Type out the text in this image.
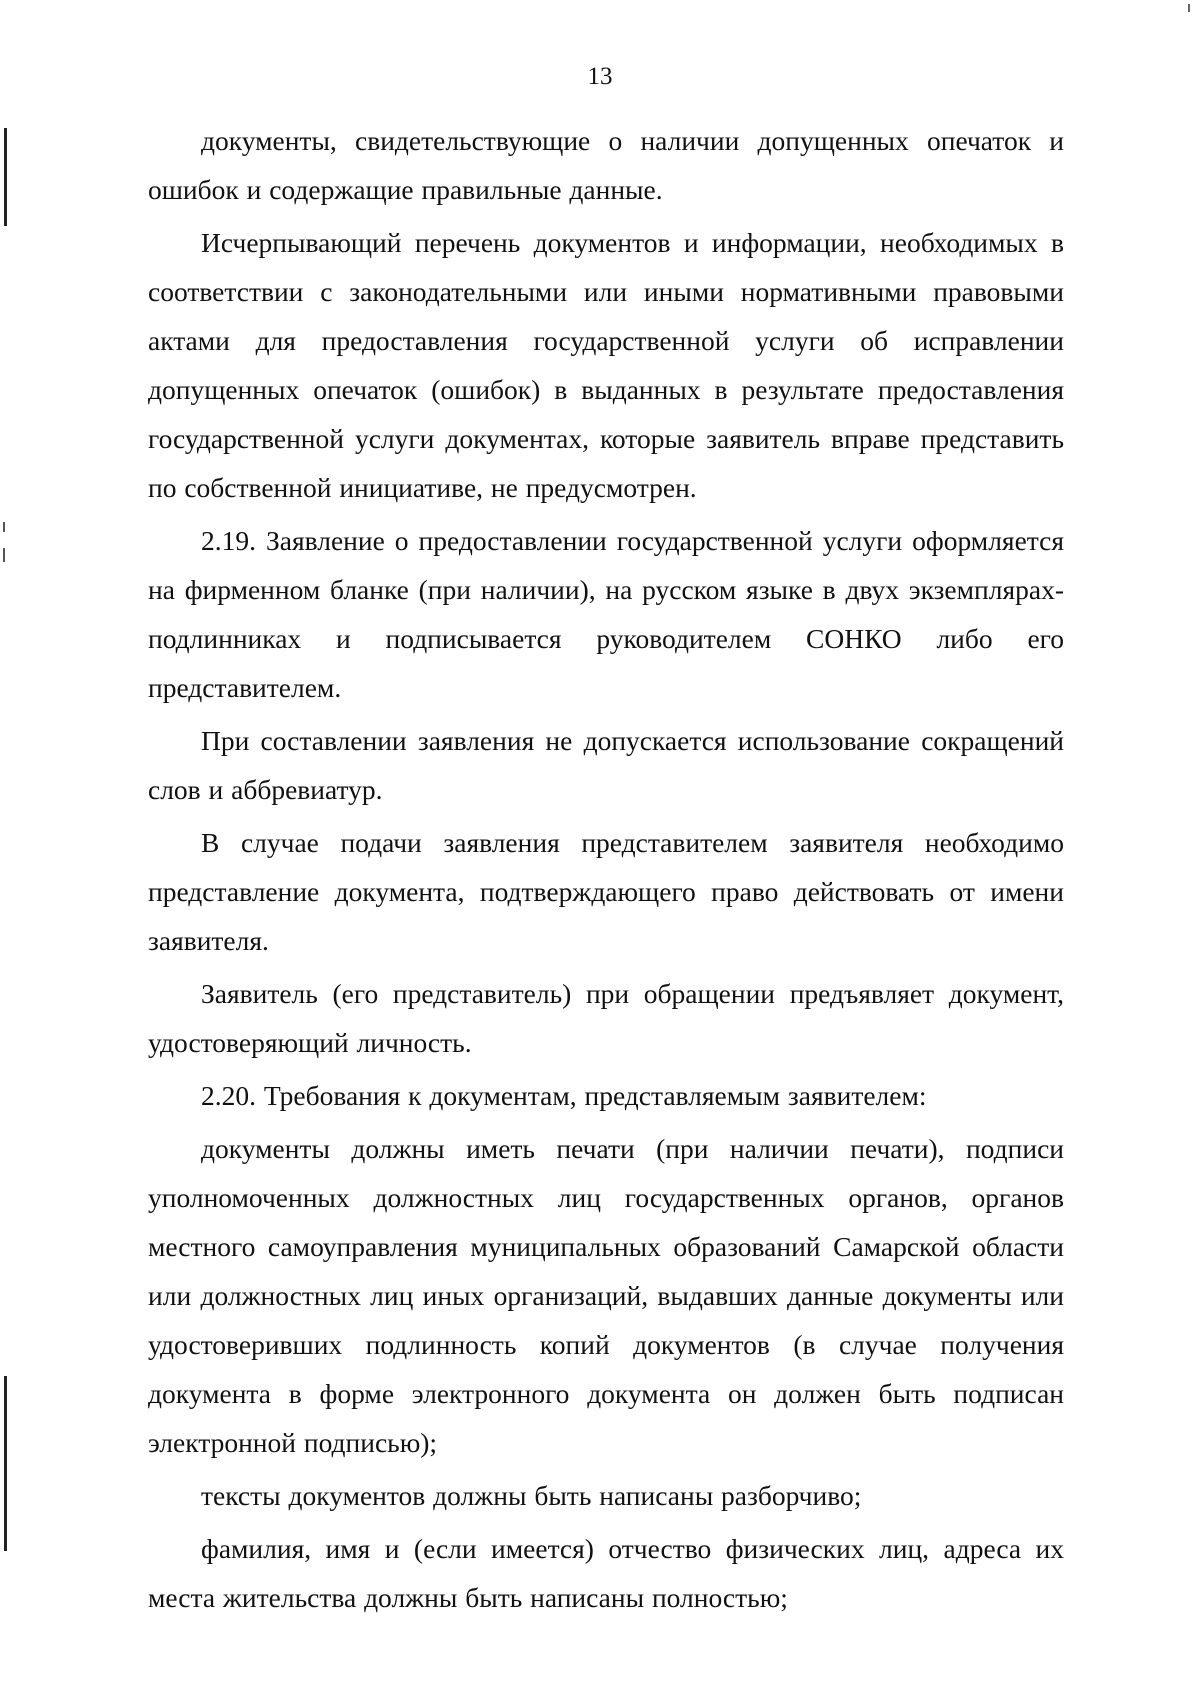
13

документы, свидетельствующие о наличии допущенных опечаток и ошибок и содержащие правильные данные.

Исчерпывающий перечень документов и информации, необходимых в соответствии с законодательными или иными нормативными правовыми актами для предоставления государственной услуги об исправлении допущенных опечаток (ошибок) в выданных в результате предоставления государственной услуги документах, которые заявитель вправе представить по собственной инициативе, не предусмотрен.

2.19. Заявление о предоставлении государственной услуги оформляется на фирменном бланке (при наличии), на русском языке в двух экземплярах-подлинниках и подписывается руководителем СОНКО либо его представителем.

При составлении заявления не допускается использование сокращений слов и аббревиатур.

В случае подачи заявления представителем заявителя необходимо представление документа, подтверждающего право действовать от имени заявителя.

Заявитель (его представитель) при обращении предъявляет документ, удостоверяющий личность.

2.20. Требования к документам, представляемым заявителем:

документы должны иметь печати (при наличии печати), подписи уполномоченных должностных лиц государственных органов, органов местного самоуправления муниципальных образований Самарской области или должностных лиц иных организаций, выдавших данные документы или удостоверивших подлинность копий документов (в случае получения документа в форме электронного документа он должен быть подписан электронной подписью);

тексты документов должны быть написаны разборчиво;

фамилия, имя и (если имеется) отчество физических лиц, адреса их места жительства должны быть написаны полностью;
